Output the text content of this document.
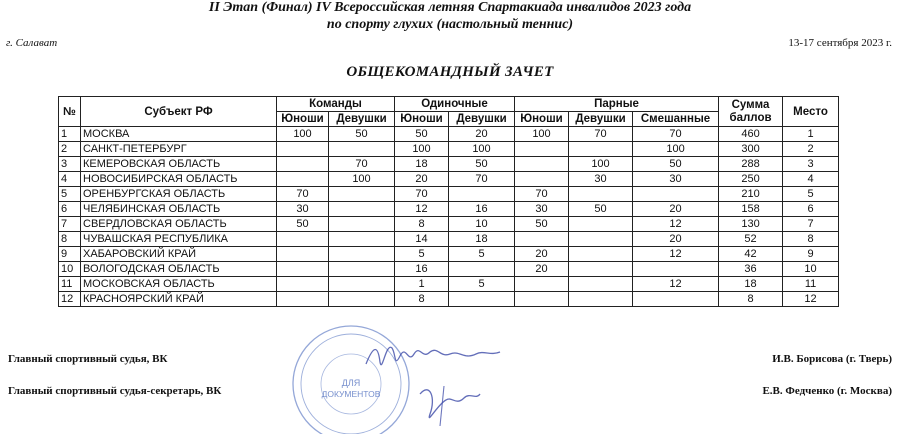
II Этап (Финал) IV Всероссийская летняя Спартакиада инвалидов 2023 года
по спорту глухих (настольный теннис)
г. Салават	13-17 сентября 2023 г.
ОБЩЕКОМАНДНЫЙ ЗАЧЕТ
№	Субъект РФ	Команды		Одиночные		Парные			Сумма баллов	Место
		Юноши	Девушки	Юноши	Девушки	Юноши	Девушки	Смешанные		
1	МОСКВА	100	50	50	20	100	70	70	460	1
2	САНКТ-ПЕТЕРБУРГ			100	100			100	300	2
3	КЕМЕРОВСКАЯ ОБЛАСТЬ		70	18	50		100	50	288	3
4	НОВОСИБИРСКАЯ ОБЛАСТЬ		100	20	70		30	30	250	4
5	ОРЕНБУРГСКАЯ ОБЛАСТЬ	70		70		70			210	5
6	ЧЕЛЯБИНСКАЯ ОБЛАСТЬ	30		12	16	30	50	20	158	6
7	СВЕРДЛОВСКАЯ ОБЛАСТЬ	50		8	10	50		12	130	7
8	ЧУВАШСКАЯ РЕСПУБЛИКА			14	18			20	52	8
9	ХАБАРОВСКИЙ КРАЙ			5	5	20		12	42	9
10	ВОЛОГОДСКАЯ ОБЛАСТЬ			16		20			36	10
11	МОСКОВСКАЯ ОБЛАСТЬ			1	5			12	18	11
12	КРАСНОЯРСКИЙ КРАЙ			8					8	12
ДЛЯ
ДОКУМЕНТОВ
Главный спортивный судья, ВК	И.В. Борисова (г. Тверь)
Главный спортивный судья-секретарь, ВК	Е.В. Федченко (г. Москва)
